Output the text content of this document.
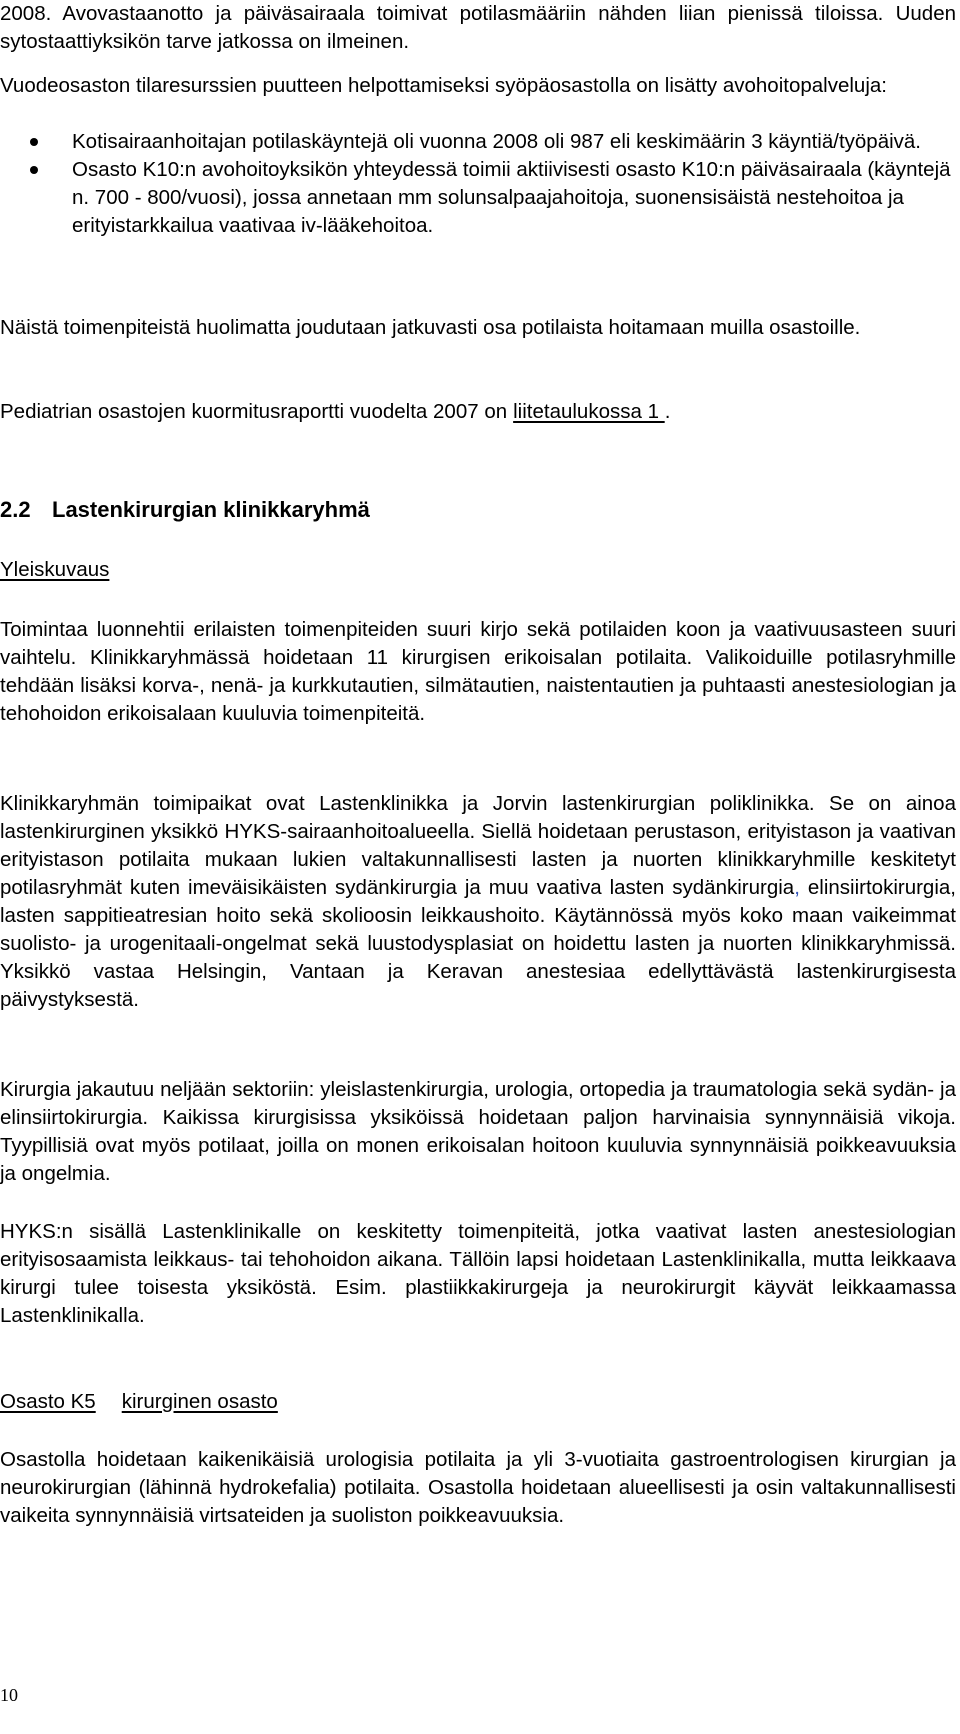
2008. Avovastaanotto ja päiväsairaala toimivat potilasmääriin nähden liian pienissä tiloissa. Uuden sytostaattiyksikön tarve jatkossa on ilmeinen.

Vuodeosaston tilaresurssien puutteen helpottamiseksi syöpäosastolla on lisätty avohoitopalveluja:

Kotisairaanhoitajan potilaskäyntejä oli vuonna 2008 oli 987 eli keskimäärin 3 käyntiä/työpäivä.
Osasto K10:n avohoitoyksikön yhteydessä toimii aktiivisesti osasto K10:n päiväsairaala (käyntejä n. 700 - 800/vuosi), jossa annetaan mm solunsalpaajahoitoja, suonensisäistä nestehoitoa ja erityistarkkailua vaativaa iv-lääkehoitoa.

Näistä toimenpiteistä huolimatta joudutaan jatkuvasti osa potilaista hoitamaan muilla osastoille.

Pediatrian osastojen kuormitusraportti vuodelta 2007 on liitetaulukossa 1 .

2.2 Lastenkirurgian klinikkaryhmä

Yleiskuvaus

Toimintaa luonnehtii erilaisten toimenpiteiden suuri kirjo sekä potilaiden koon ja vaativuusasteen suuri vaihtelu. Klinikkaryhmässä hoidetaan 11 kirurgisen erikoisalan potilaita. Valikoiduille potilasryhmille tehdään lisäksi korva-, nenä- ja kurkkutautien, silmätautien, naistentautien ja puhtaasti anestesiologian ja tehohoidon erikoisalaan kuuluvia toimenpiteitä.

Klinikkaryhmän toimipaikat ovat Lastenklinikka ja Jorvin lastenkirurgian poliklinikka. Se on ainoa lastenkirurginen yksikkö HYKS-sairaanhoitoalueella. Siellä hoidetaan perustason, erityistason ja vaativan erityistason potilaita mukaan lukien valtakunnallisesti lasten ja nuorten klinikkaryhmille keskitetyt potilasryhmät kuten imeväisikäisten sydänkirurgia ja muu vaativa lasten sydänkirurgia, elinsiirtokirurgia, lasten sappitieatresian hoito sekä skolioosin leikkaushoito. Käytännössä myös koko maan vaikeimmat suolisto- ja urogenitaali-ongelmat sekä luustodysplasiat on hoidettu lasten ja nuorten klinikkaryhmissä. Yksikkö vastaa Helsingin, Vantaan ja Keravan anestesiaa edellyttävästä lastenkirurgisesta päivystyksestä.

Kirurgia jakautuu neljään sektoriin: yleislastenkirurgia, urologia, ortopedia ja traumatologia sekä sydän- ja elinsiirtokirurgia. Kaikissa kirurgisissa yksiköissä hoidetaan paljon harvinaisia synnynnäisiä vikoja. Tyypillisiä ovat myös potilaat, joilla on monen erikoisalan hoitoon kuuluvia synnynnäisiä poikkeavuuksia ja ongelmia.

HYKS:n sisällä Lastenklinikalle on keskitetty toimenpiteitä, jotka vaativat lasten anestesiologian erityisosaamista leikkaus- tai tehohoidon aikana. Tällöin lapsi hoidetaan Lastenklinikalla, mutta leikkaava kirurgi tulee toisesta yksiköstä. Esim. plastiikkakirurgeja ja neurokirurgit käyvät leikkaamassa Lastenklinikalla.

Osasto K5 kirurginen osasto

Osastolla hoidetaan kaikenikäisiä urologisia potilaita ja yli 3-vuotiaita gastroentrologisen kirurgian ja neurokirurgian (lähinnä hydrokefalia) potilaita. Osastolla hoidetaan alueellisesti ja osin valtakunnallisesti vaikeita synnynnäisiä virtsateiden ja suoliston poikkeavuuksia.

10
